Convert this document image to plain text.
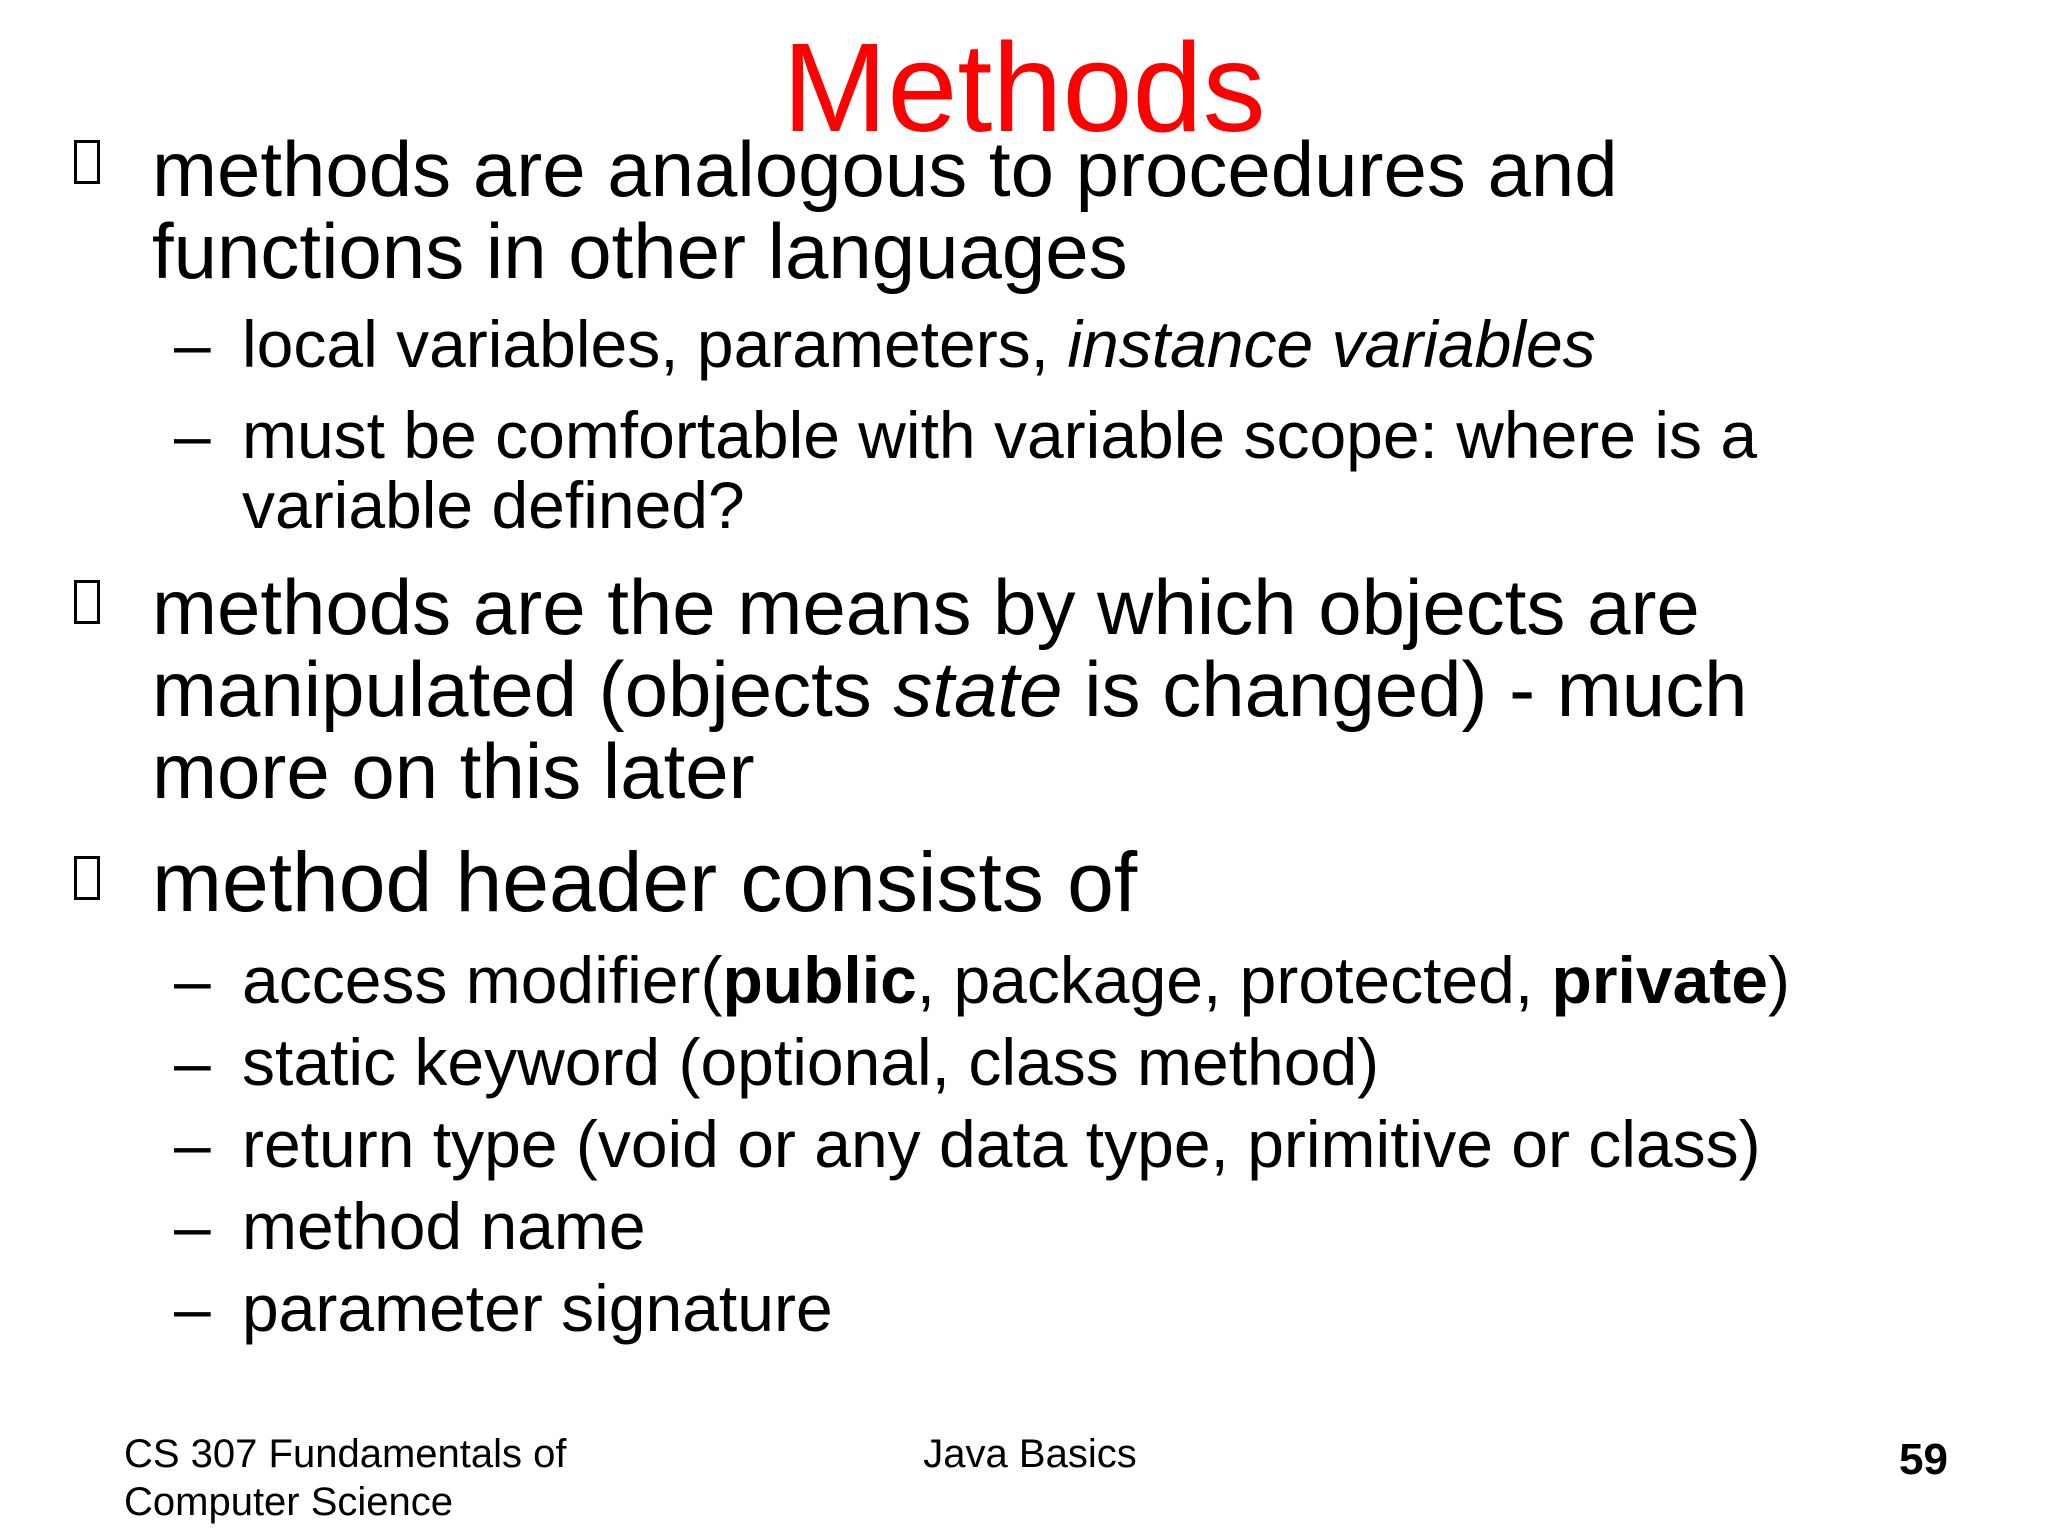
Methods
methods are analogous to procedures and
functions in other languages
– local variables, parameters, instance variables
– must be comfortable with variable scope: where is a
variable defined?
methods are the means by which objects are
manipulated (objects state is changed) - much
more on this later
method header consists of
– access modifier(public, package, protected, private)
– static keyword (optional, class method)
– return type (void or any data type, primitive or class)
– method name
– parameter signature
CS 307 Fundamentals of
Computer Science
Java Basics	59
